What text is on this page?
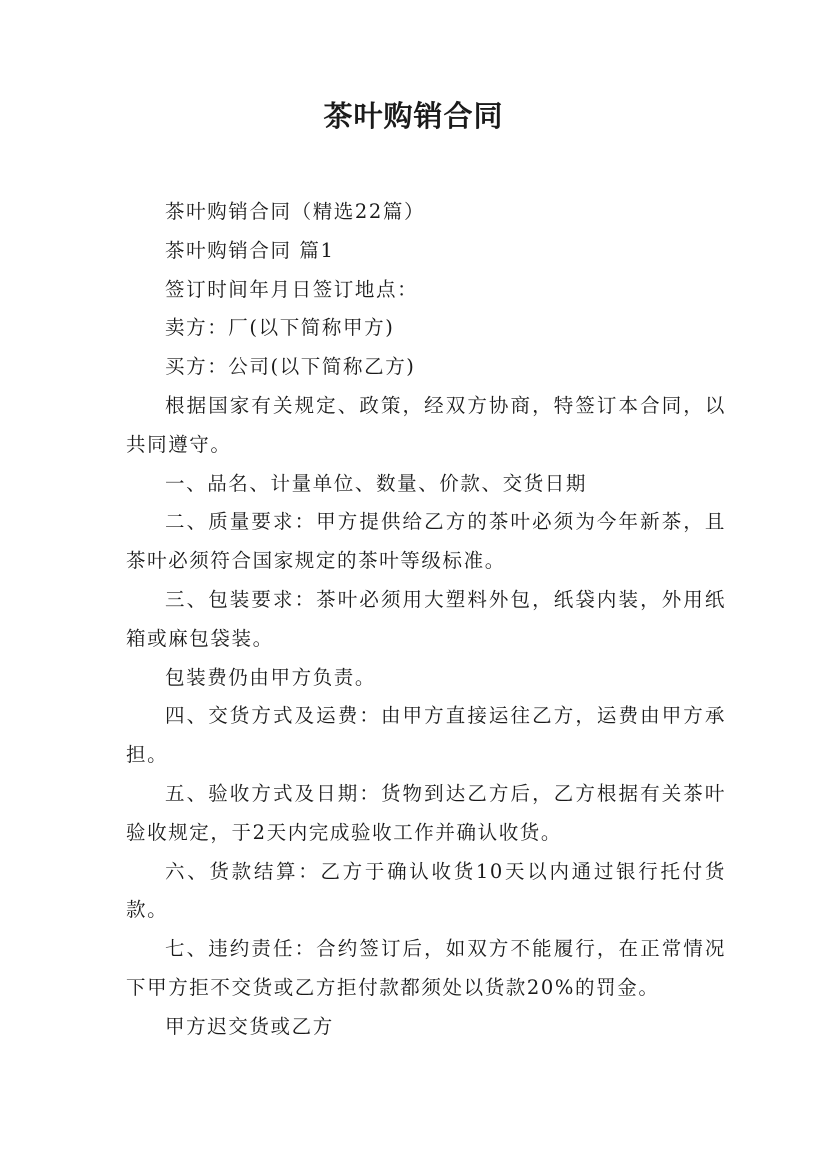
茶叶购销合同

茶叶购销合同（精选22篇）

茶叶购销合同 篇1

签订时间年月日签订地点：

卖方：厂(以下简称甲方)

买方：公司(以下简称乙方)

根据国家有关规定、政策，经双方协商，特签订本合同，以共同遵守。

一、品名、计量单位、数量、价款、交货日期

二、质量要求：甲方提供给乙方的茶叶必须为今年新茶，且茶叶必须符合国家规定的茶叶等级标准。

三、包装要求：茶叶必须用大塑料外包，纸袋内装，外用纸箱或麻包袋装。

包装费仍由甲方负责。

四、交货方式及运费：由甲方直接运往乙方，运费由甲方承担。

五、验收方式及日期：货物到达乙方后，乙方根据有关茶叶验收规定，于2天内完成验收工作并确认收货。

六、货款结算：乙方于确认收货10天以内通过银行托付货款。

七、违约责任：合约签订后，如双方不能履行，在正常情况下甲方拒不交货或乙方拒付款都须处以货款20%的罚金。

甲方迟交货或乙方
